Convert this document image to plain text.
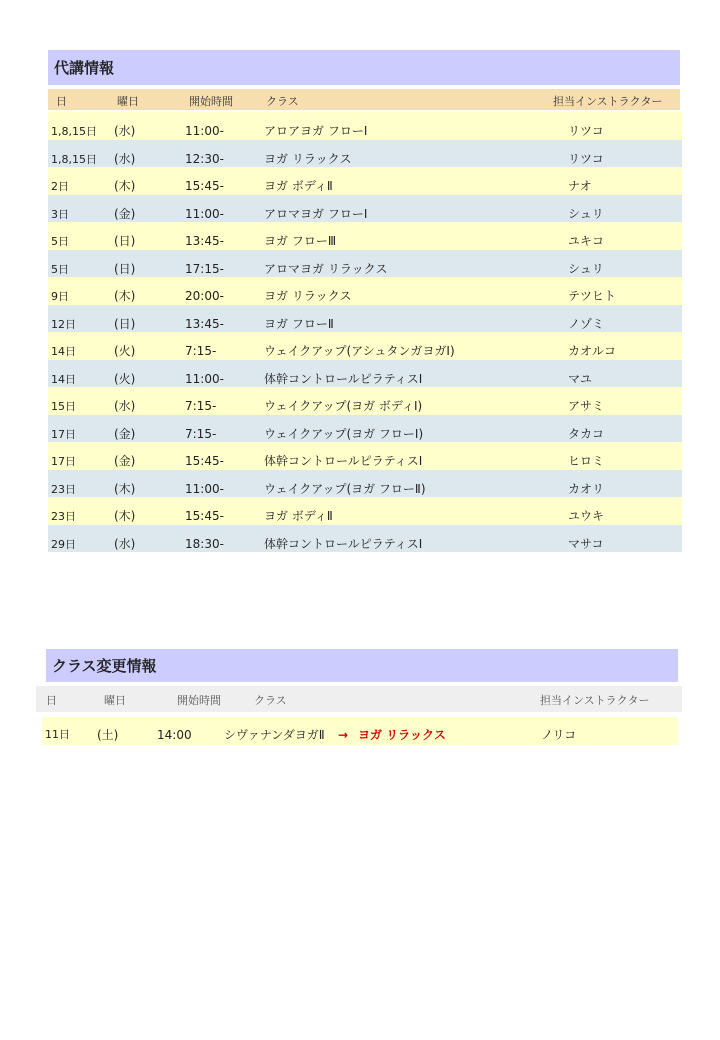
代講情報
日	曜日	開始時間	クラス	担当インストラクター
1,8,15日 (水)	11:00-	アロアヨガ フローⅠ	リツコ
1,8,15日 (水)	12:30-	ヨガ リラックス	リツコ
2日	(木)	15:45-	ヨガ ボディⅡ	ナオ
3日	(金)	11:00-	アロマヨガ フローⅠ	シュリ
5日	(日)	13:45-	ヨガ フローⅢ	ユキコ
5日	(日)	17:15-	アロマヨガ リラックス	シュリ
9日	(木)	20:00-	ヨガ リラックス	テツヒト
12日	(日)	13:45-	ヨガ フローⅡ	ノゾミ
14日	(火)	7:15-	ウェイクアップ(アシュタンガヨガⅠ)	カオルコ
14日	(火)	11:00-	体幹コントロールピラティスⅠ	マユ
15日	(水)	7:15-	ウェイクアップ(ヨガ ボディⅠ)	アサミ
17日	(金)	7:15-	ウェイクアップ(ヨガ フローⅠ)	タカコ
17日	(金)	15:45-	体幹コントロールピラティスⅠ	ヒロミ
23日	(木)	11:00-	ウェイクアップ(ヨガ フローⅡ)	カオリ
23日	(木)	15:45-	ヨガ ボディⅡ	ユウキ
29日	(水)	18:30-	体幹コントロールピラティスⅠ	マサコ
クラス変更情報
日	曜日	開始時間	クラス	担当インストラクター
11日 (土)	14:00	シヴァナンダヨガⅡ → ヨガ リラックス	ノリコ
